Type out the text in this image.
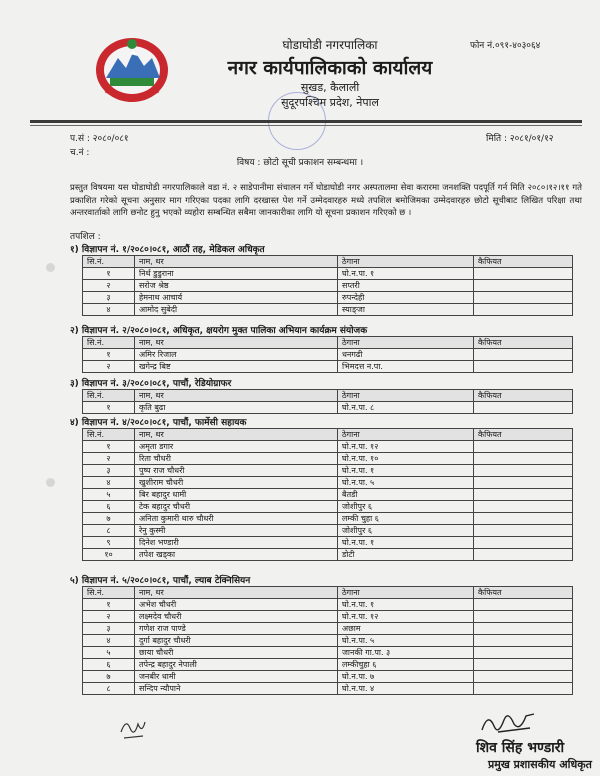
घोडाघोडी नगरपालिका
नगर कार्यपालिकाको कार्यालय
सुखड, कैलाली
सुदूरपश्चिम प्रदेश, नेपाल
फोन नं.०९१-४०३०६४
प.सं : २०८०/०८१
च.नं :
मिति : २०८१/०१/१२
विषय : छोटो सूची प्रकाशन सम्बन्धमा ।
प्रस्तुत विषयमा यस घोडाघोडी नगरपालिकाले वडा नं. २ साडेपानीमा संचालन गर्ने घोडाघोडी नगर अस्पतालमा सेवा करारमा जनशक्ति पदपूर्ति गर्न मिति २०८०।१२।११ गते प्रकाशित गरेको सूचना अनुसार माग गरिएका पदका लागि दरखास्त पेश गर्ने उम्मेदवारहरु मध्ये तपशिल बमोजिमका उम्मेदवारहरु छोटो सूचीबाट लिखित परिक्षा तथा अन्तरवार्ताको लागि छनोट हुनु भएको व्यहोरा सम्बन्धित सबैमा जानकारीका लागि यो सूचना प्रकाशन गरिएको छ ।
तपशिल :
१) विज्ञापन नं. १/२०८०।०८१, आठौं तह, मेडिकल अधिकृत
सि.नं.	नाम, थर	ठेगाना	कैफियत
१	निर्थ डुडुराना	घो.न.पा. १	
२	सरोज श्रेष्ठ	सप्तरी	
३	हेमनाथ आचार्य	रुपन्देही	
४	आमोद सुबेदी	स्याङ्जा	
२) विज्ञापन नं. २/२०८०।०८१, अधिकृत, क्षयरोग मुक्त पालिका अभियान कार्यक्रम संयोजक
सि.नं.	नाम, थर	ठेगाना	कैफियत
१	अमिर रिजाल	धनगढी	
२	खगेन्द्र बिष्ट	भिमदत्त न.पा.	
३) विज्ञापन नं. ३/२०८०।०८१, पाचौं, रेडियोग्राफर
सि.नं.	नाम, थर	ठेगाना	कैफियत
१	कृति बुढा	घो.न.पा. ८	
४) विज्ञापन नं. ४/२०८०।०८१, पाचौं, फार्मेसी सहायक
सि.नं.	नाम, थर	ठेगाना	कैफियत
१	अमृता डगार	घो.न.पा. १२	
२	रिता चौधरी	घो.न.पा. १०	
३	पुष्प राज चौधरी	घो.न.पा. १	
४	खुशीराम चौधरी	घो.न.पा. ५	
५	बिर बहादुर धामी	बैतडी	
६	टेक बहादुर चौधरी	जोशीपुर ६	
७	अनिता कुमारी थारु चौधरी	लम्की चुहा ६	
८	रेनु कुस्मी	जोशीपुर ६	
९	दिनेश भण्डारी	घो.न.पा. १	
१०	तपेश खड्का	डोटी	
५) विज्ञापन नं. ५/२०८०।०८१, पाचौं, ल्याब टेक्निसियन
सि.नं.	नाम, थर	ठेगाना	कैफियत
१	अभेश चौधरी	घो.न.पा. १	
२	लक्ष्मदेव चौधरी	घो.न.पा. १२	
३	गणेश राज पाण्डे	अछाम	
४	दुर्गा बहादुर चौधरी	घो.न.पा. ५	
५	छाया चौधरी	जानकी गा.पा. ३	
६	तपेन्द्र बहादुर नेपाली	लम्कीचुहा ६	
७	जनबीर धामी	घो.न.पा. ७	
८	सन्दिप न्यौपाने	घो.न.पा. ४	
शिव सिंह भण्डारी
प्रमुख प्रशासकीय अधिकृत
